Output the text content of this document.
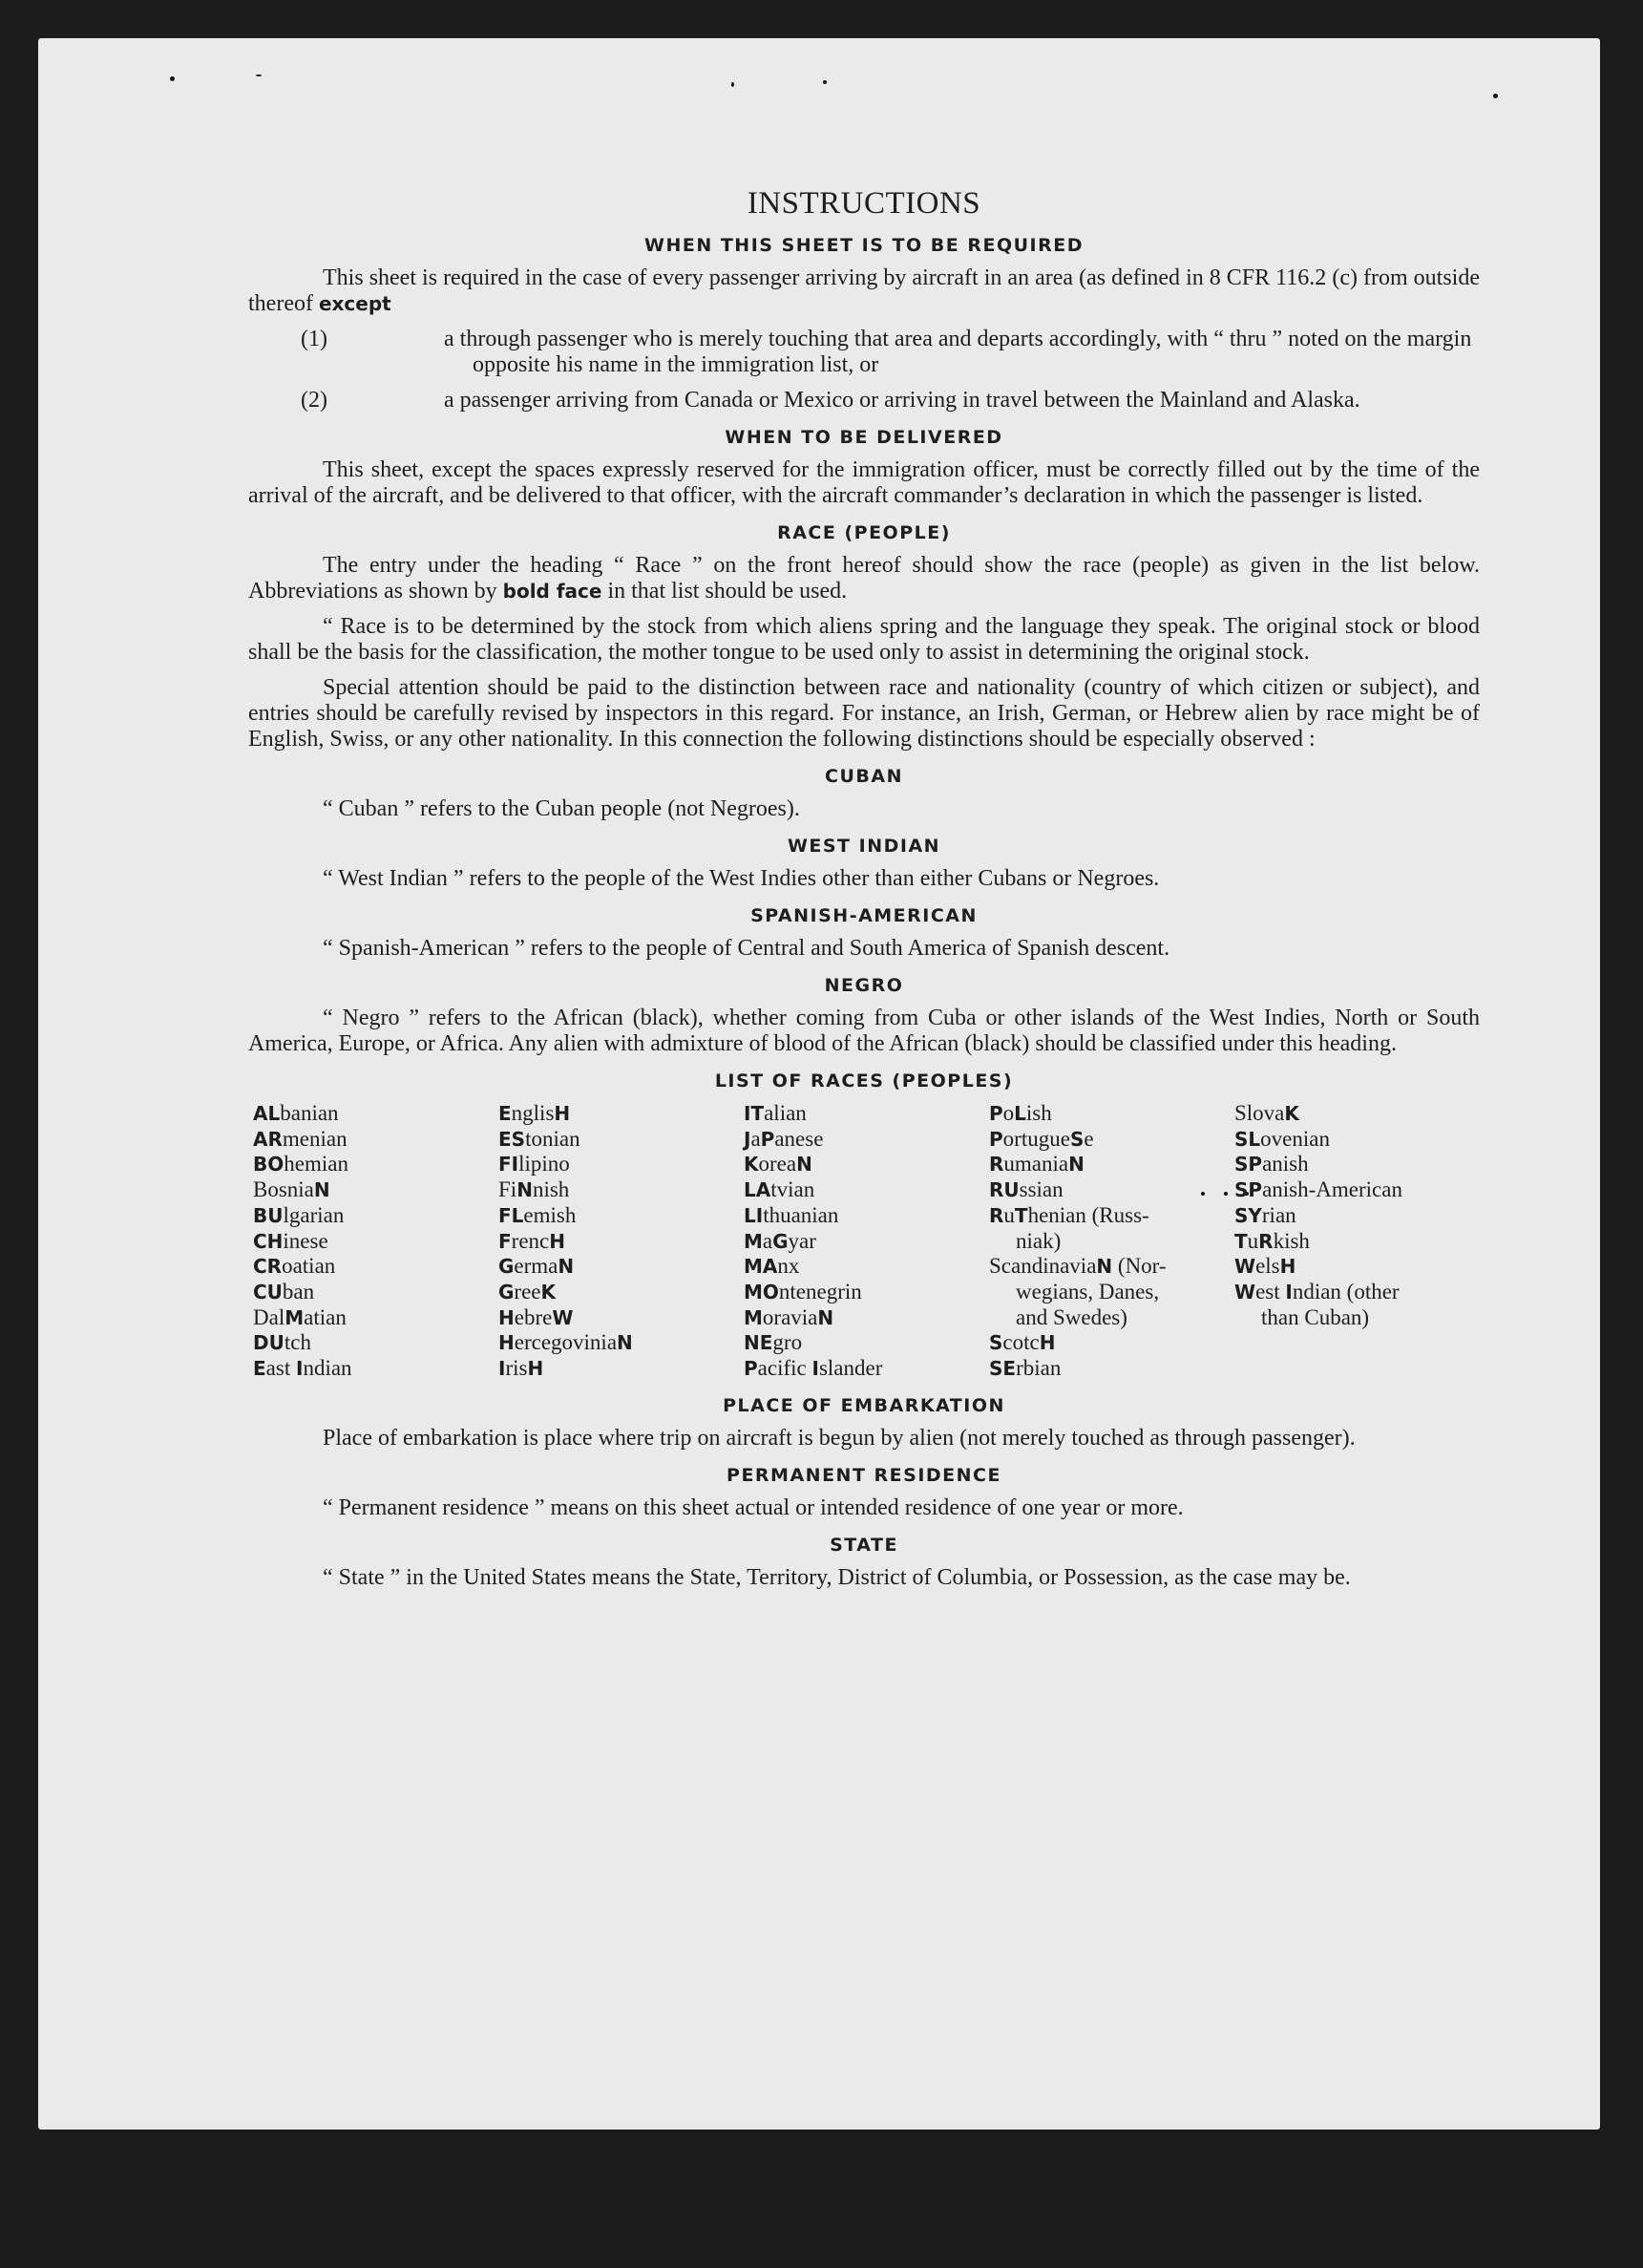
INSTRUCTIONS
WHEN THIS SHEET IS TO BE REQUIRED

This sheet is required in the case of every passenger arriving by aircraft in an area (as defined in 8 CFR 116.2 (c) from outside thereof except

(1)	a through passenger who is merely touching that area and departs accordingly, with “ thru ” noted on the margin opposite his name in the immigration list, or
(2)	a passenger arriving from Canada or Mexico or arriving in travel between the Mainland and Alaska.
WHEN TO BE DELIVERED

This sheet, except the spaces expressly reserved for the immigration officer, must be correctly filled out by the time of the arrival of the aircraft, and be delivered to that officer, with the aircraft commander’s declaration in which the passenger is listed.

RACE (PEOPLE)

The entry under the heading “ Race ” on the front hereof should show the race (people) as given in the list below. Abbreviations as shown by bold face in that list should be used.

“ Race is to be determined by the stock from which aliens spring and the language they speak. The original stock or blood shall be the basis for the classification, the mother tongue to be used only to assist in determining the original stock.

Special attention should be paid to the distinction between race and nationality (country of which citizen or subject), and entries should be carefully revised by inspectors in this regard. For instance, an Irish, German, or Hebrew alien by race might be of English, Swiss, or any other nationality. In this connection the following distinctions should be especially observed :

CUBAN

“ Cuban ” refers to the Cuban people (not Negroes).

WEST INDIAN

“ West Indian ” refers to the people of the West Indies other than either Cubans or Negroes.

SPANISH-AMERICAN

“ Spanish-American ” refers to the people of Central and South America of Spanish descent.

NEGRO

“ Negro ” refers to the African (black), whether coming from Cuba or other islands of the West Indies, North or South America, Europe, or Africa. Any alien with admixture of blood of the African (black) should be classified under this heading.

LIST OF RACES (PEOPLES)
ALbanian
ARmenian
BOhemian
BosniaN
BUlgarian
CHinese
CRoatian
CUban
DalMatian
DUtch
East Indian
EnglisH
EStonian
FIlipino
FiNnish
FLemish
FrencH
GermaN
GreeK
HebreW
HercegoviniaN
IrisH
ITalian
JaPanese
KoreaN
LAtvian
LIthuanian
MaGyar
MAnx
MOntenegrin
MoraviaN
NEgro
Pacific Islander
PoLish
PortugueSe
RumaniaN
RUssian
RuThenian (Russ-
niak)
ScandinaviaN (Nor-
wegians, Danes,
and Swedes)
ScotcH
SErbian
SlovaK
SLovenian
SPanish
SPanish-American
SYrian
TuRkish
WelsH
West Indian (other
than Cuban)
PLACE OF EMBARKATION

Place of embarkation is place where trip on aircraft is begun by alien (not merely touched as through passenger).

PERMANENT RESIDENCE

“ Permanent residence ” means on this sheet actual or intended residence of one year or more.

STATE

“ State ” in the United States means the State, Territory, District of Columbia, or Possession, as the case may be.
